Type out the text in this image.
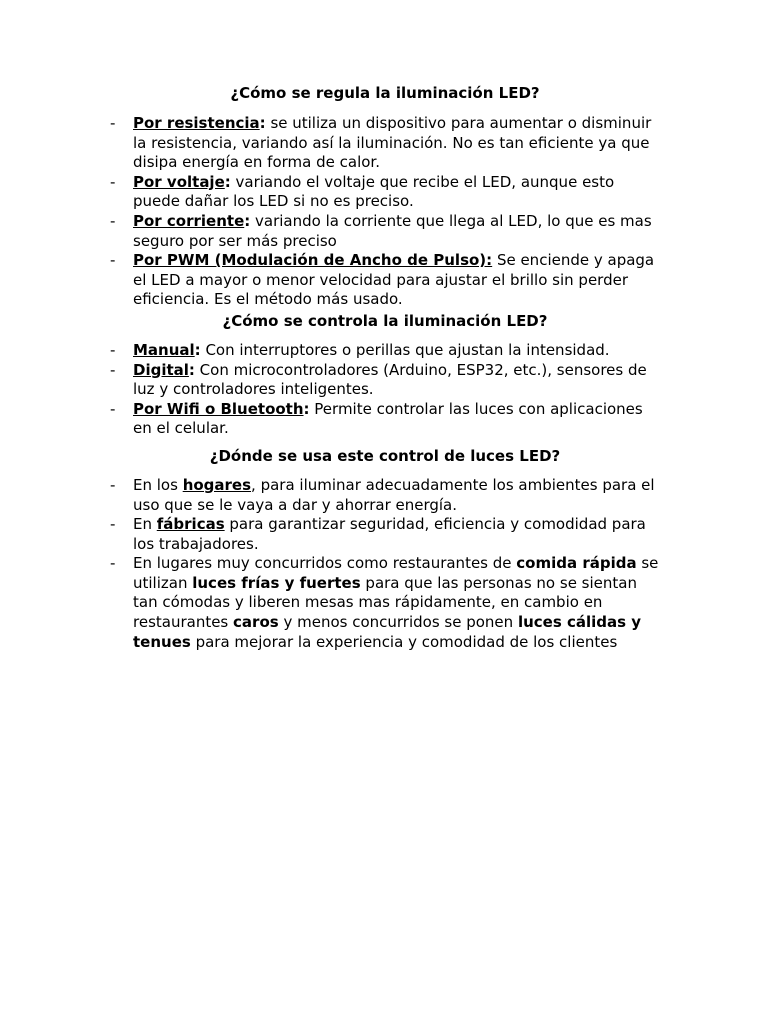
¿Cómo se regula la iluminación LED?

- Por resistencia: se utiliza un dispositivo para aumentar o disminuir la resistencia, variando así la iluminación. No es tan eficiente ya que disipa energía en forma de calor.
- Por voltaje: variando el voltaje que recibe el LED, aunque esto puede dañar los LED si no es preciso.
- Por corriente: variando la corriente que llega al LED, lo que es mas seguro por ser más preciso
- Por PWM (Modulación de Ancho de Pulso): Se enciende y apaga el LED a mayor o menor velocidad para ajustar el brillo sin perder eficiencia. Es el método más usado.

¿Cómo se controla la iluminación LED?

- Manual: Con interruptores o perillas que ajustan la intensidad.
- Digital: Con microcontroladores (Arduino, ESP32, etc.), sensores de luz y controladores inteligentes.
- Por Wifi o Bluetooth: Permite controlar las luces con aplicaciones en el celular.

¿Dónde se usa este control de luces LED?

- En los hogares, para iluminar adecuadamente los ambientes para el uso que se le vaya a dar y ahorrar energía.
- En fábricas para garantizar seguridad, eficiencia y comodidad para los trabajadores.
- En lugares muy concurridos como restaurantes de comida rápida se utilizan luces frías y fuertes para que las personas no se sientan tan cómodas y liberen mesas mas rápidamente, en cambio en restaurantes caros y menos concurridos se ponen luces cálidas y tenues para mejorar la experiencia y comodidad de los clientes
